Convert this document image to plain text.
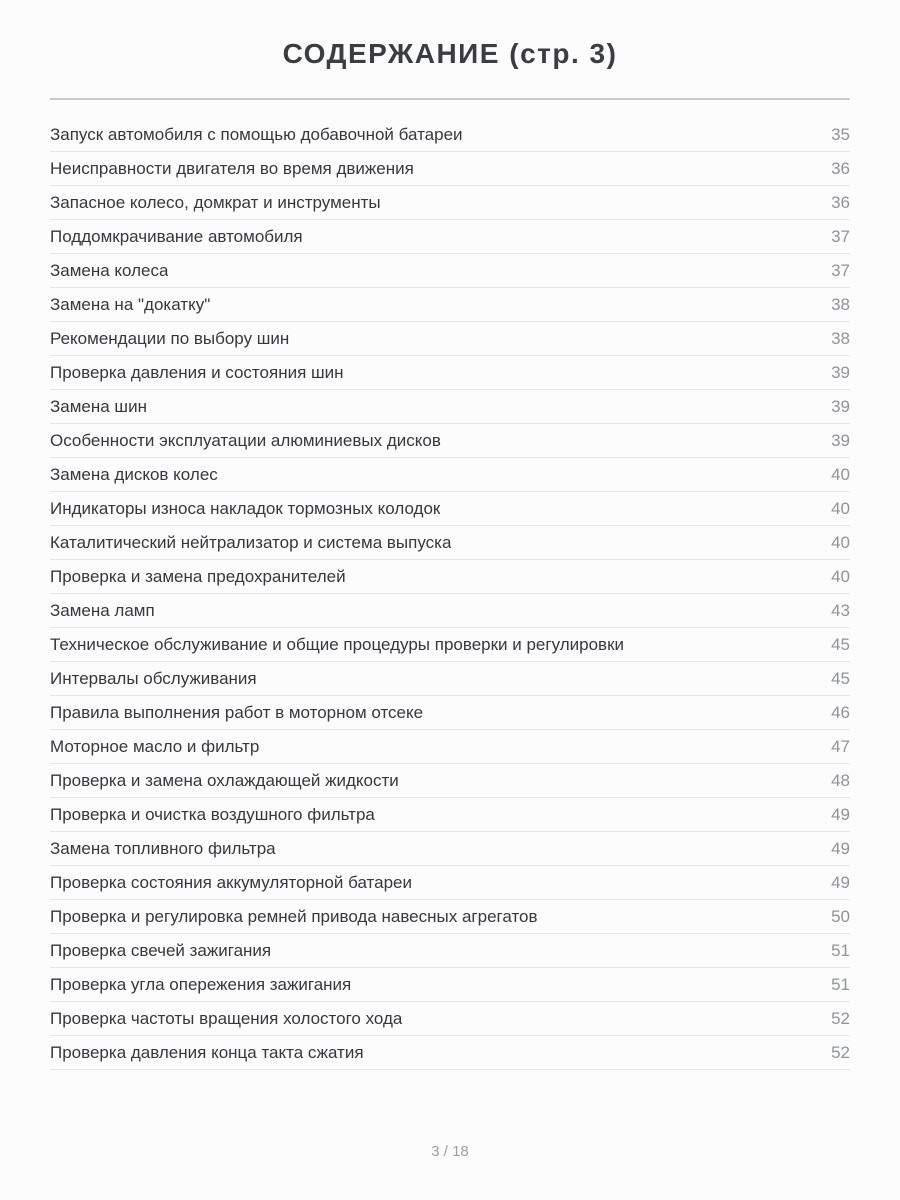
СОДЕРЖАНИЕ (стр. 3)
Запуск автомобиля с помощью добавочной батареи	35
Неисправности двигателя во время движения	36
Запасное колесо, домкрат и инструменты	36
Поддомкрачивание автомобиля	37
Замена колеса	37
Замена на "докатку"	38
Рекомендации по выбору шин	38
Проверка давления и состояния шин	39
Замена шин	39
Особенности эксплуатации алюминиевых дисков	39
Замена дисков колес	40
Индикаторы износа накладок тормозных колодок	40
Каталитический нейтрализатор и система выпуска	40
Проверка и замена предохранителей	40
Замена ламп	43
Техническое обслуживание и общие процедуры проверки и регулировки	45
Интервалы обслуживания	45
Правила выполнения работ в моторном отсеке	46
Моторное масло и фильтр	47
Проверка и замена охлаждающей жидкости	48
Проверка и очистка воздушного фильтра	49
Замена топливного фильтра	49
Проверка состояния аккумуляторной батареи	49
Проверка и регулировка ремней привода навесных агрегатов	50
Проверка свечей зажигания	51
Проверка угла опережения зажигания	51
Проверка частоты вращения холостого хода	52
Проверка давления конца такта сжатия	52
3 / 18
